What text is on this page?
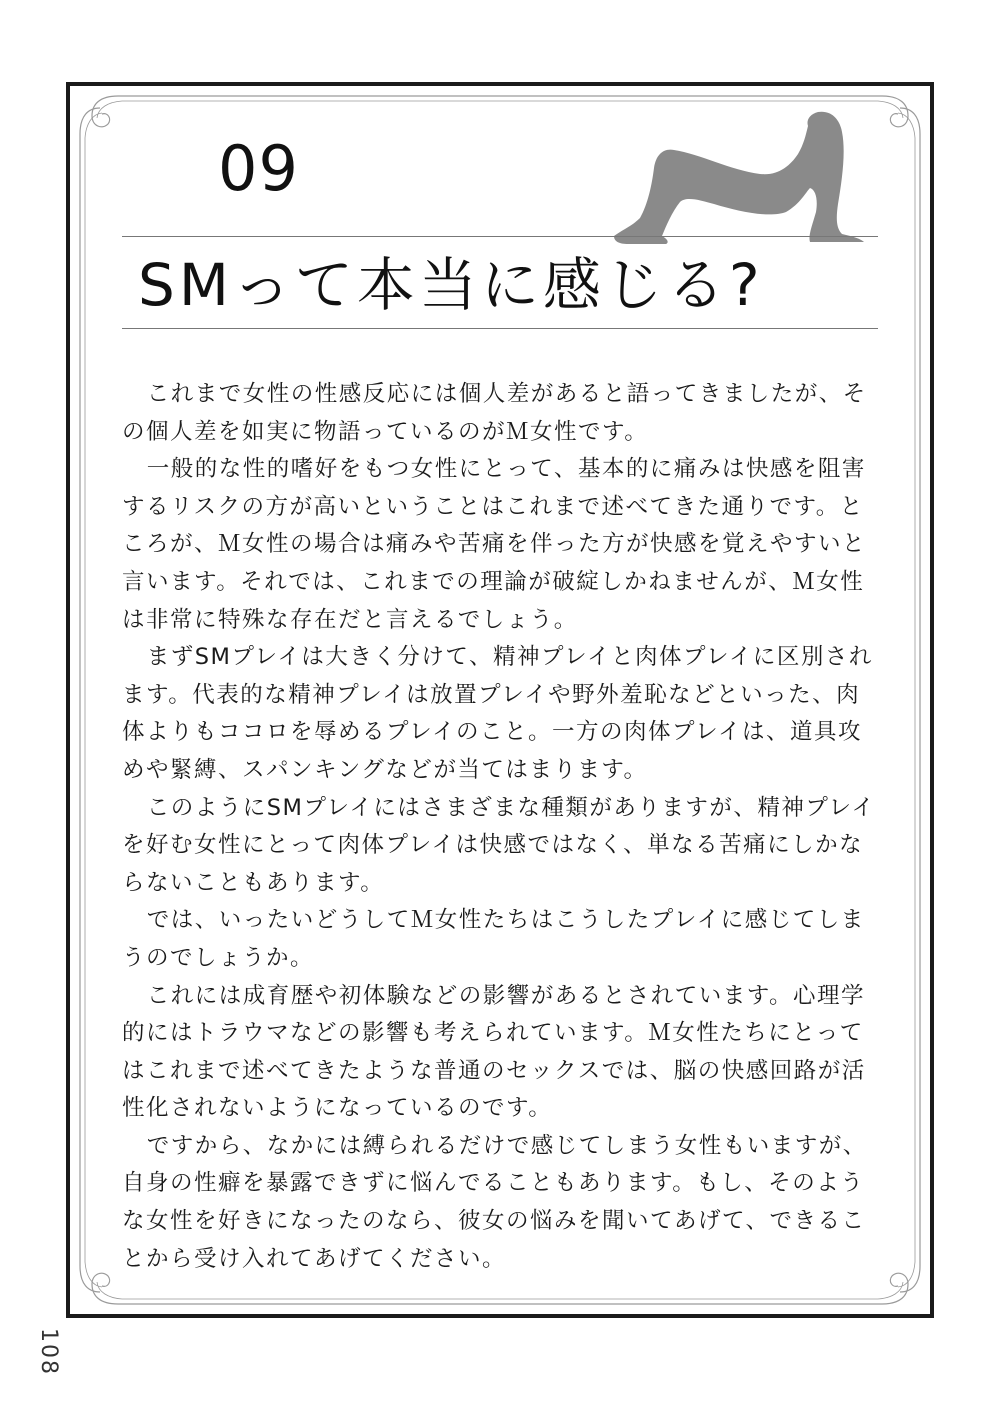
09
SMって本当に感じる?

これまで女性の性感反応には個人差があると語ってきましたが、その個人差を如実に物語っているのがＭ女性です。

一般的な性的嗜好をもつ女性にとって、基本的に痛みは快感を阻害するリスクの方が高いということはこれまで述べてきた通りです。ところが、Ｍ女性の場合は痛みや苦痛を伴った方が快感を覚えやすいと言います。それでは、これまでの理論が破綻しかねませんが、Ｍ女性は非常に特殊な存在だと言えるでしょう。

まずSMプレイは大きく分けて、精神プレイと肉体プレイに区別されます。代表的な精神プレイは放置プレイや野外羞恥などといった、肉体よりもココロを辱めるプレイのこと。一方の肉体プレイは、道具攻めや緊縛、スパンキングなどが当てはまります。

このようにSMプレイにはさまざまな種類がありますが、精神プレイを好む女性にとって肉体プレイは快感ではなく、単なる苦痛にしかならないこともあります。

では、いったいどうしてＭ女性たちはこうしたプレイに感じてしまうのでしょうか。

これには成育歴や初体験などの影響があるとされています。心理学的にはトラウマなどの影響も考えられています。Ｍ女性たちにとってはこれまで述べてきたような普通のセックスでは、脳の快感回路が活性化されないようになっているのです。

ですから、なかには縛られるだけで感じてしまう女性もいますが、自身の性癖を暴露できずに悩んでることもあります。もし、そのような女性を好きになったのなら、彼女の悩みを聞いてあげて、できることから受け入れてあげてください。

108
